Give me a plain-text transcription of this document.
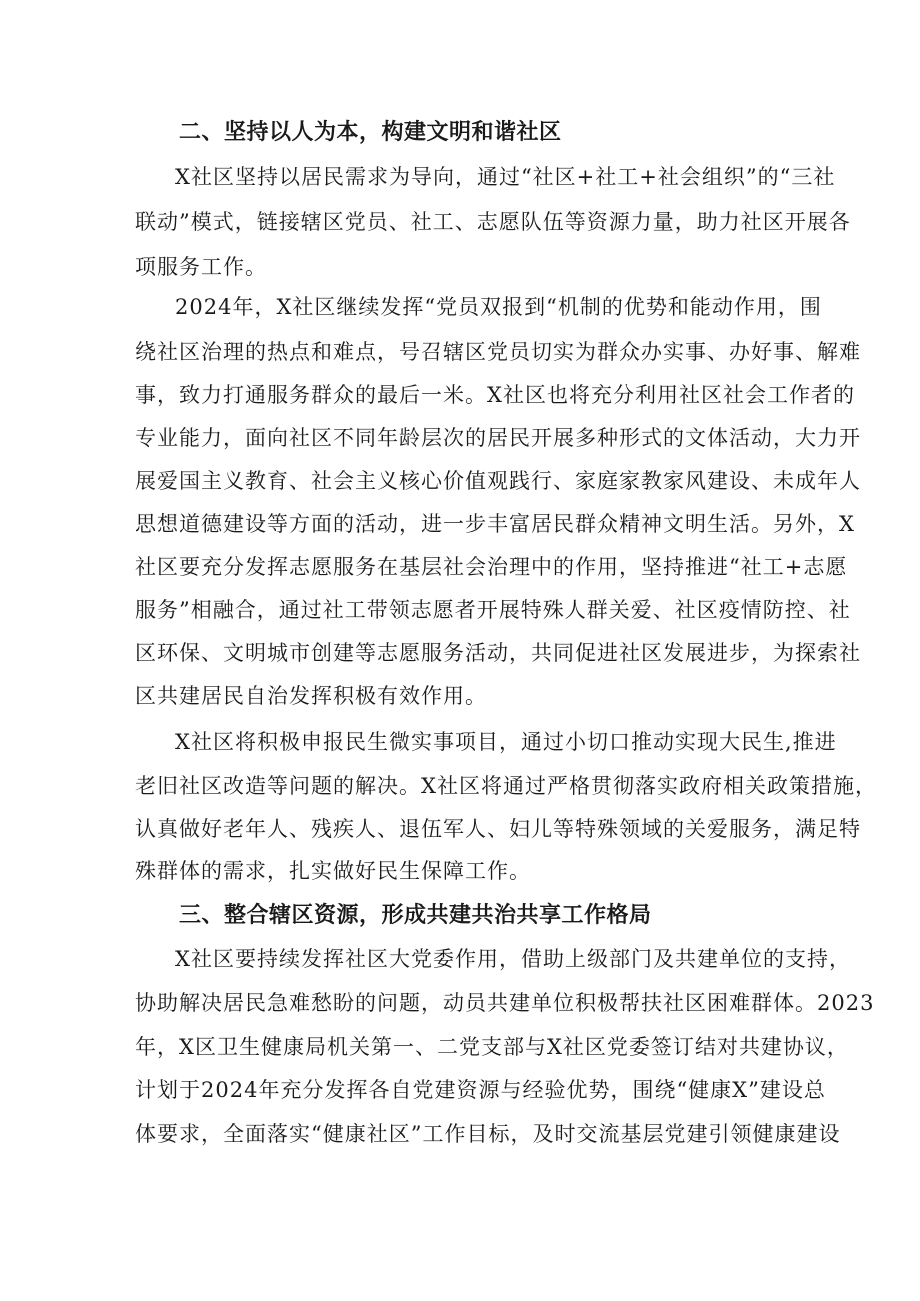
二、坚持以人为本，构建文明和谐社区
X社区坚持以居民需求为导向，通过“社区+社工+社会组织”的“三社
联动”模式，链接辖区党员、社工、志愿队伍等资源力量，助力社区开展各
项服务工作。
2024年，X社区继续发挥“党员双报到“机制的优势和能动作用，围
绕社区治理的热点和难点，号召辖区党员切实为群众办实事、办好事、解难
事，致力打通服务群众的最后一米。X社区也将充分利用社区社会工作者的
专业能力，面向社区不同年龄层次的居民开展多种形式的文体活动，大力开
展爱国主义教育、社会主义核心价值观践行、家庭家教家风建设、未成年人
思想道德建设等方面的活动，进一步丰富居民群众精神文明生活。另外，X
社区要充分发挥志愿服务在基层社会治理中的作用，坚持推进“社工+志愿
服务”相融合，通过社工带领志愿者开展特殊人群关爱、社区疫情防控、社
区环保、文明城市创建等志愿服务活动，共同促进社区发展进步，为探索社
区共建居民自治发挥积极有效作用。
X社区将积极申报民生微实事项目，通过小切口推动实现大民生,推进
老旧社区改造等问题的解决。X社区将通过严格贯彻落实政府相关政策措施，
认真做好老年人、残疾人、退伍军人、妇儿等特殊领域的关爱服务，满足特
殊群体的需求，扎实做好民生保障工作。
三、整合辖区资源，形成共建共治共享工作格局
X社区要持续发挥社区大党委作用，借助上级部门及共建单位的支持，
协助解决居民急难愁盼的问题，动员共建单位积极帮扶社区困难群体。2023
年，X区卫生健康局机关第一、二党支部与X社区党委签订结对共建协议，
计划于2024年充分发挥各自党建资源与经验优势，围绕“健康X”建设总
体要求，全面落实“健康社区”工作目标，及时交流基层党建引领健康建设
